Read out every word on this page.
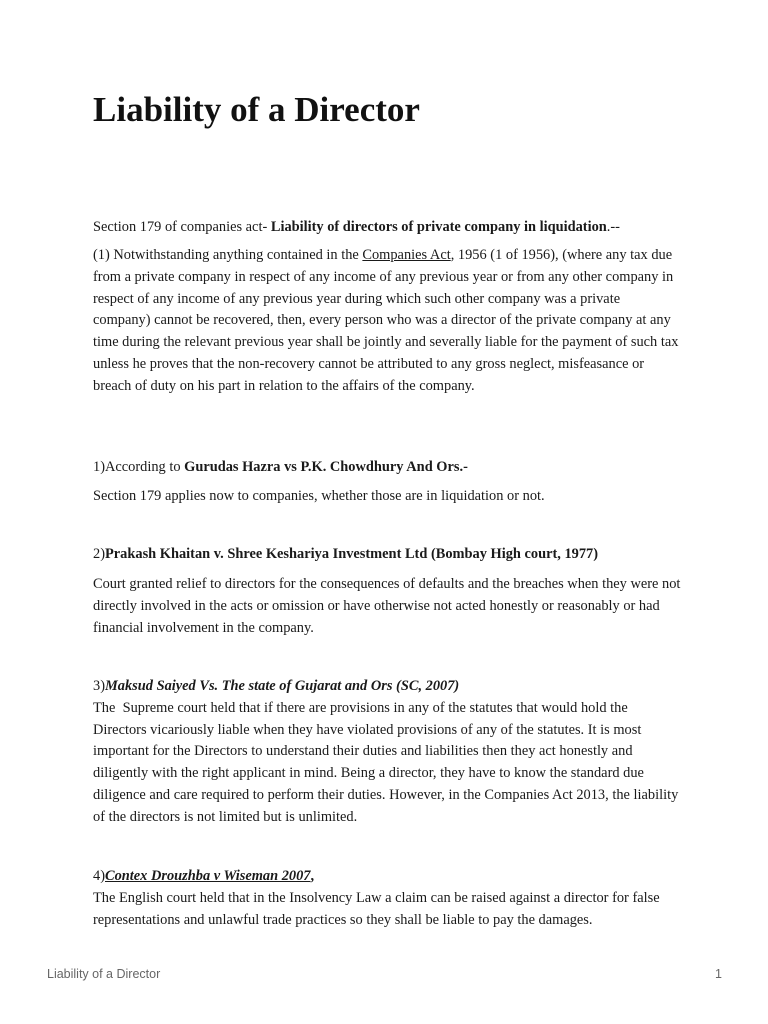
Liability of a Director

Section 179 of companies act- Liability of directors of private company in liquidation.--

(1) Notwithstanding anything contained in the Companies Act, 1956 (1 of 1956), (where any tax due from a private company in respect of any income of any previous year or from any other company in respect of any income of any previous year during which such other company was a private company) cannot be recovered, then, every person who was a director of the private company at any time during the relevant previous year shall be jointly and severally liable for the payment of such tax unless he proves that the non-recovery cannot be attributed to any gross neglect, misfeasance or breach of duty on his part in relation to the affairs of the company.

1)According to Gurudas Hazra vs P.K. Chowdhury And Ors.-

Section 179 applies now to companies, whether those are in liquidation or not.

2)Prakash Khaitan v. Shree Keshariya Investment Ltd (Bombay High court, 1977)

Court granted relief to directors for the consequences of defaults and the breaches when they were not directly involved in the acts or omission or have otherwise not acted honestly or reasonably or had financial involvement in the company.

3)Maksud Saiyed Vs. The state of Gujarat and Ors (SC, 2007)

The  Supreme court held that if there are provisions in any of the statutes that would hold the Directors vicariously liable when they have violated provisions of any of the statutes. It is most important for the Directors to understand their duties and liabilities then they act honestly and diligently with the right applicant in mind. Being a director, they have to know the standard due diligence and care required to perform their duties. However, in the Companies Act 2013, the liability of the directors is not limited but is unlimited.

4)Contex Drouzhba v Wiseman 2007,

The English court held that in the Insolvency Law a claim can be raised against a director for false representations and unlawful trade practices so they shall be liable to pay the damages.

Liability of a Director	1
